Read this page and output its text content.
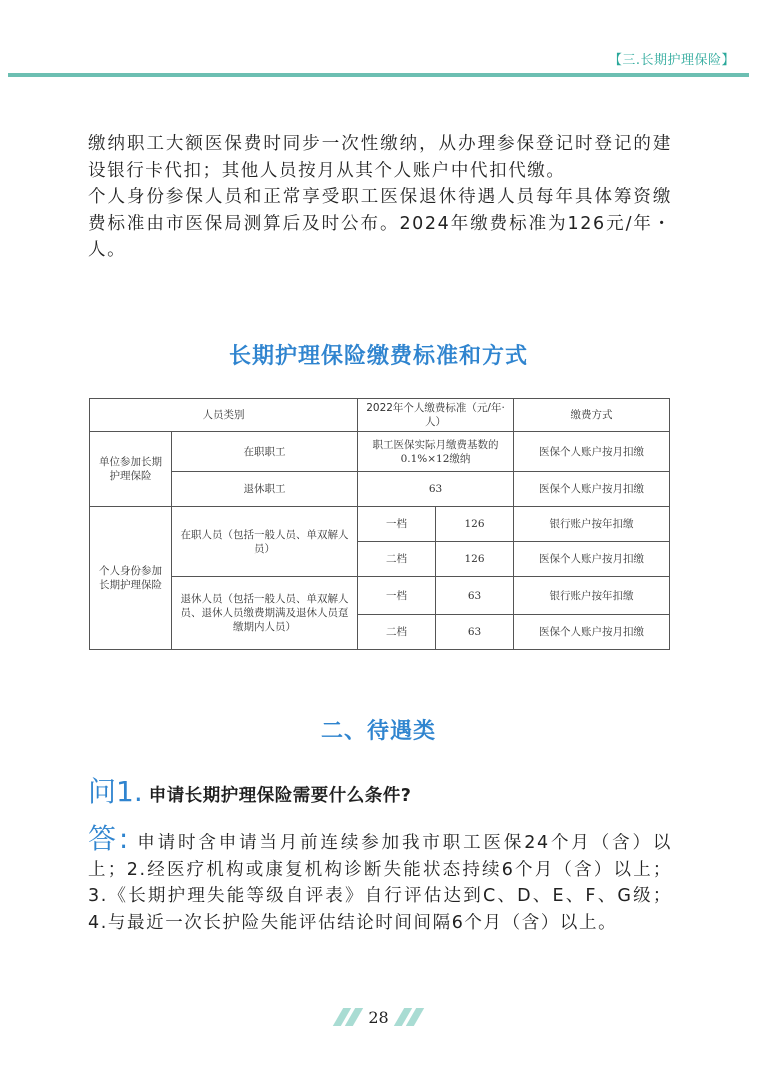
【三.长期护理保险】

缴纳职工大额医保费时同步一次性缴纳，从办理参保登记时登记的建设银行卡代扣；其他人员按月从其个人账户中代扣代缴。

个人身份参保人员和正常享受职工医保退休待遇人员每年具体筹资缴费标准由市医保局测算后及时公布。2024年缴费标准为126元/年・人。

长期护理保险缴费标准和方式
人员类别		2022年个人缴费标准（元/年·人）		缴费方式
单位参加长期护理保险	在职职工	职工医保实际月缴费基数的0.1%×12缴纳		医保个人账户按月扣缴
	退休职工	63		医保个人账户按月扣缴
个人身份参加长期护理保险	在职人员（包括一般人员、单双解人员）	一档	126	银行账户按年扣缴
		二档	126	医保个人账户按月扣缴
	退休人员（包括一般人员、单双解人员、退休人员缴费期满及退休人员趸缴期内人员）	一档	63	银行账户按年扣缴
		二档	63	医保个人账户按月扣缴
二、待遇类
问1. 申请长期护理保险需要什么条件?

答: 申请时含申请当月前连续参加我市职工医保24个月（含）以上；2.经医疗机构或康复机构诊断失能状态持续6个月（含）以上；3.《长期护理失能等级自评表》自行评估达到C、D、E、F、G级；4.与最近一次长护险失能评估结论时间间隔6个月（含）以上。

28
